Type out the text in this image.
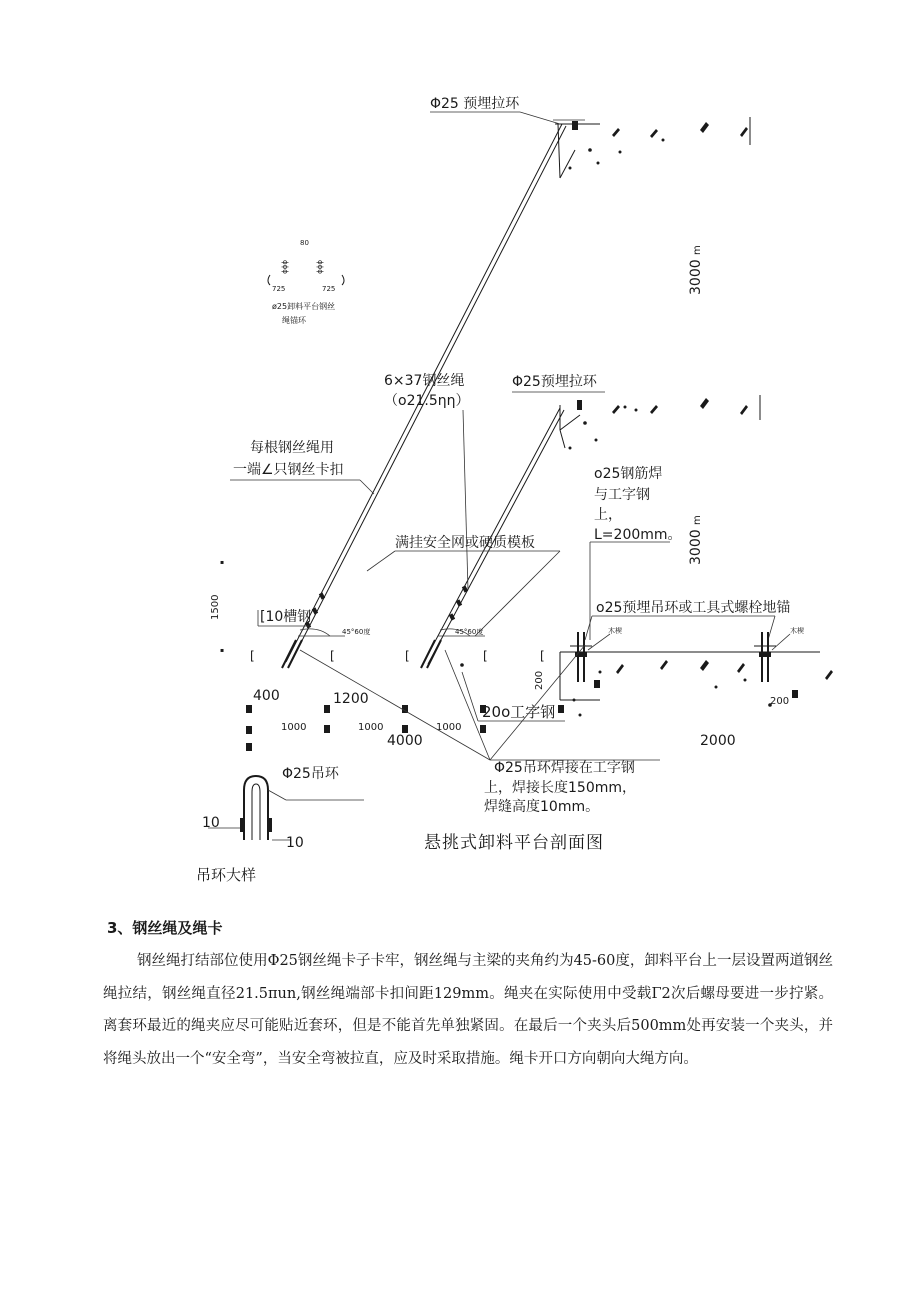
Φ25 预埋拉环
3000
m
80
ϕϕϕ	ϕϕϕ
725	725
ø25卸料平台钢丝
绳锚环
6×37钢丝绳
（ο21.5ηη）
Φ25预埋拉环
3000
m
每根钢丝绳用
一端∠只钢丝卡扣	ο25钢筋焊
与工字钢
上，
L=200mm。
满挂安全网或硬质模板
1500
▪
▪
[10槽钢
45°60度	45°60度
[	[	[	[	[
ο25预埋吊环或工具式螺栓地锚
木楔	木楔
200
400	1200
1000	1000	1000
4000	2000
200
20ο工字钢
Φ25吊环焊接在工字钢
上，焊接长度150mm，
焊缝高度10mm。
Φ25吊环
10
10	悬挑式卸料平台剖面图
吊环大样
3、钢丝绳及绳卡
钢丝绳打结部位使用Φ25钢丝绳卡子卡牢，钢丝绳与主梁的夹角约为45-60度，卸料平台上一层设置两道钢丝绳拉结，钢丝绳直径21.5πun,钢丝绳端部卡扣间距129mm。绳夹在实际使用中受载Γ2次后螺母要进一步拧紧。离套环最近的绳夹应尽可能贴近套环，但是不能首先单独紧固。在最后一个夹头后500mm处再安装一个夹头，并将绳头放出一个“安全弯”，当安全弯被拉直，应及时采取措施。绳卡开口方向朝向大绳方向。
